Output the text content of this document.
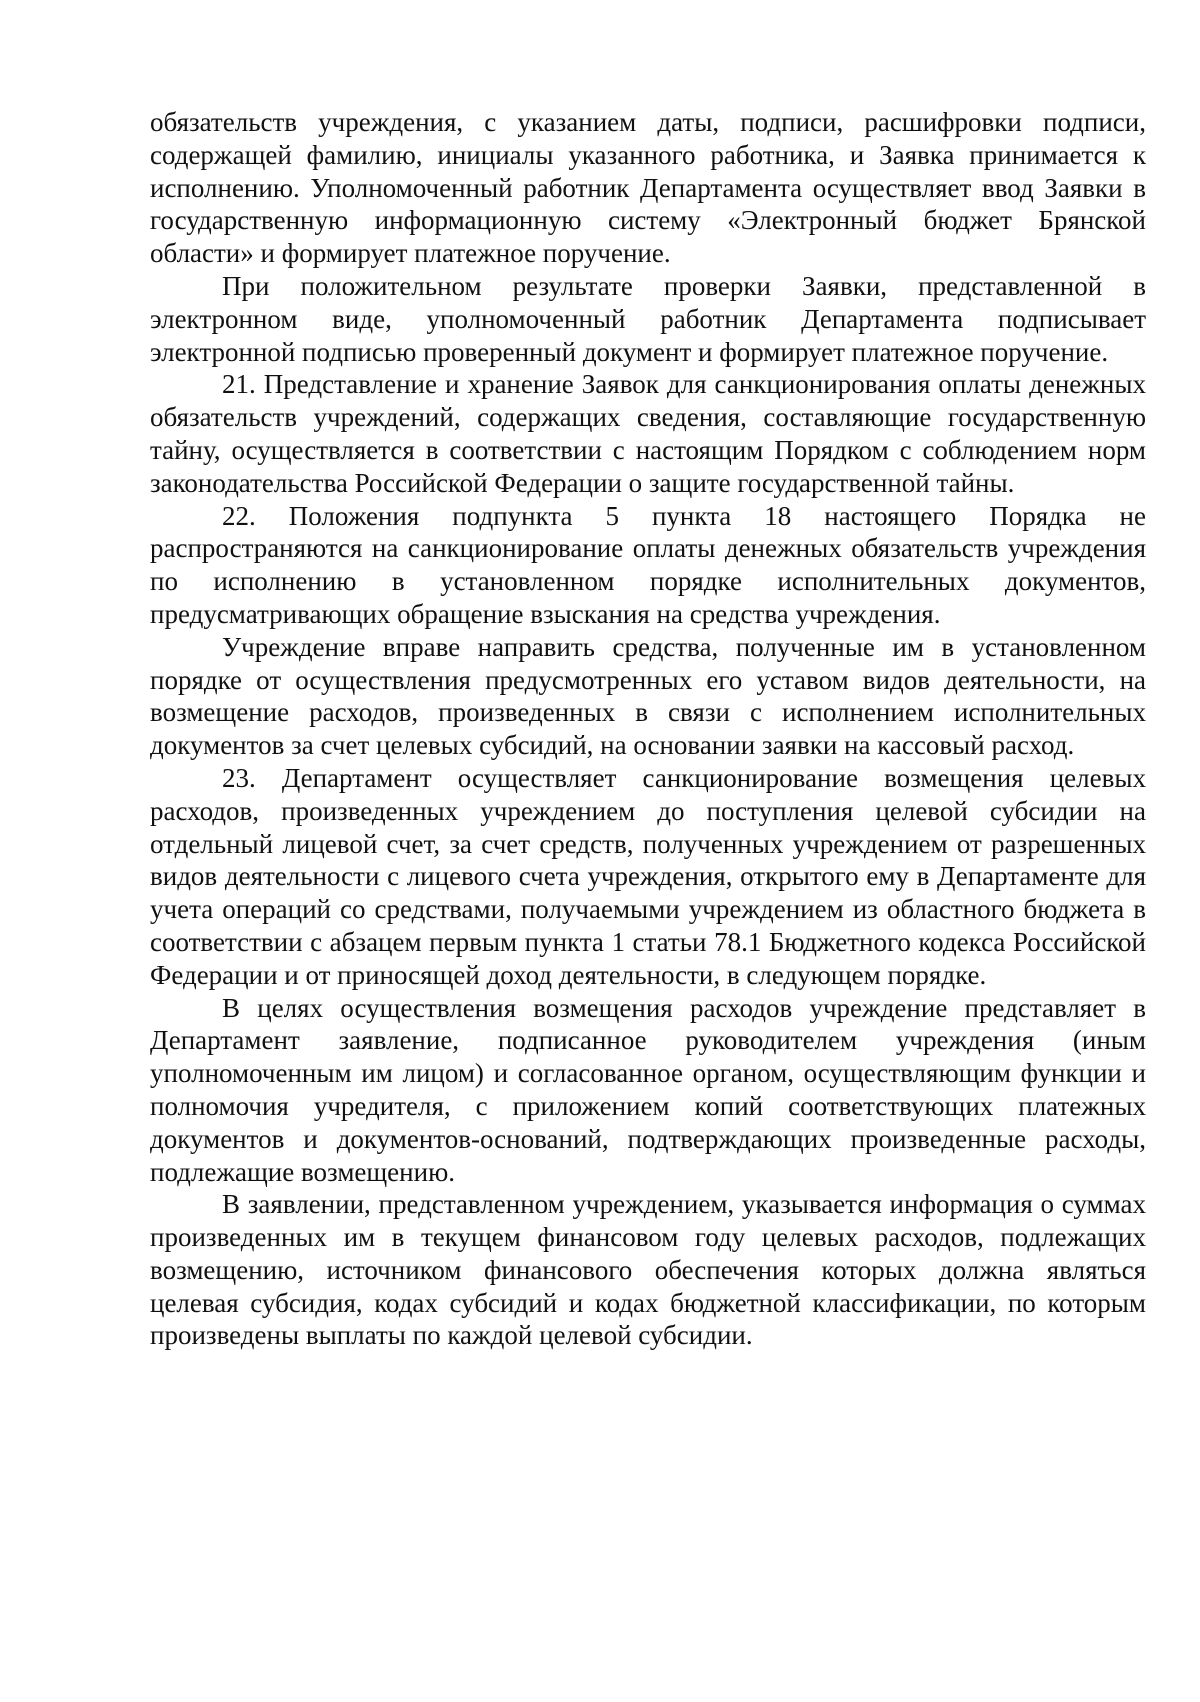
обязательств учреждения, с указанием даты, подписи, расшифровки подписи, содержащей фамилию, инициалы указанного работника, и Заявка принимается к исполнению. Уполномоченный работник Департамента осуществляет ввод Заявки в государственную информационную систему «Электронный бюджет Брянской области» и формирует платежное поручение.

При положительном результате проверки Заявки, представленной в электронном виде, уполномоченный работник Департамента подписывает электронной подписью проверенный документ и формирует платежное поручение.

21. Представление и хранение Заявок для санкционирования оплаты денежных обязательств учреждений, содержащих сведения, составляющие государственную тайну, осуществляется в соответствии с настоящим Порядком с соблюдением норм законодательства Российской Федерации о защите государственной тайны.

22. Положения подпункта 5 пункта 18 настоящего Порядка не распространяются на санкционирование оплаты денежных обязательств учреждения по исполнению в установленном порядке исполнительных документов, предусматривающих обращение взыскания на средства учреждения.

Учреждение вправе направить средства, полученные им в установленном порядке от осуществления предусмотренных его уставом видов деятельности, на возмещение расходов, произведенных в связи с исполнением исполнительных документов за счет целевых субсидий, на основании заявки на кассовый расход.

23. Департамент осуществляет санкционирование возмещения целевых расходов, произведенных учреждением до поступления целевой субсидии на отдельный лицевой счет, за счет средств, полученных учреждением от разрешенных видов деятельности с лицевого счета учреждения, открытого ему в Департаменте для учета операций со средствами, получаемыми учреждением из областного бюджета в соответствии с абзацем первым пункта 1 статьи 78.1 Бюджетного кодекса Российской Федерации и от приносящей доход деятельности, в следующем порядке.

В целях осуществления возмещения расходов учреждение представляет в Департамент заявление, подписанное руководителем учреждения (иным уполномоченным им лицом) и согласованное органом, осуществляющим функции и полномочия учредителя, с приложением копий соответствующих платежных документов и документов-оснований, подтверждающих произведенные расходы, подлежащие возмещению.

В заявлении, представленном учреждением, указывается информация о суммах произведенных им в текущем финансовом году целевых расходов, подлежащих возмещению, источником финансового обеспечения которых должна являться целевая субсидия, кодах субсидий и кодах бюджетной классификации, по которым произведены выплаты по каждой целевой субсидии.
